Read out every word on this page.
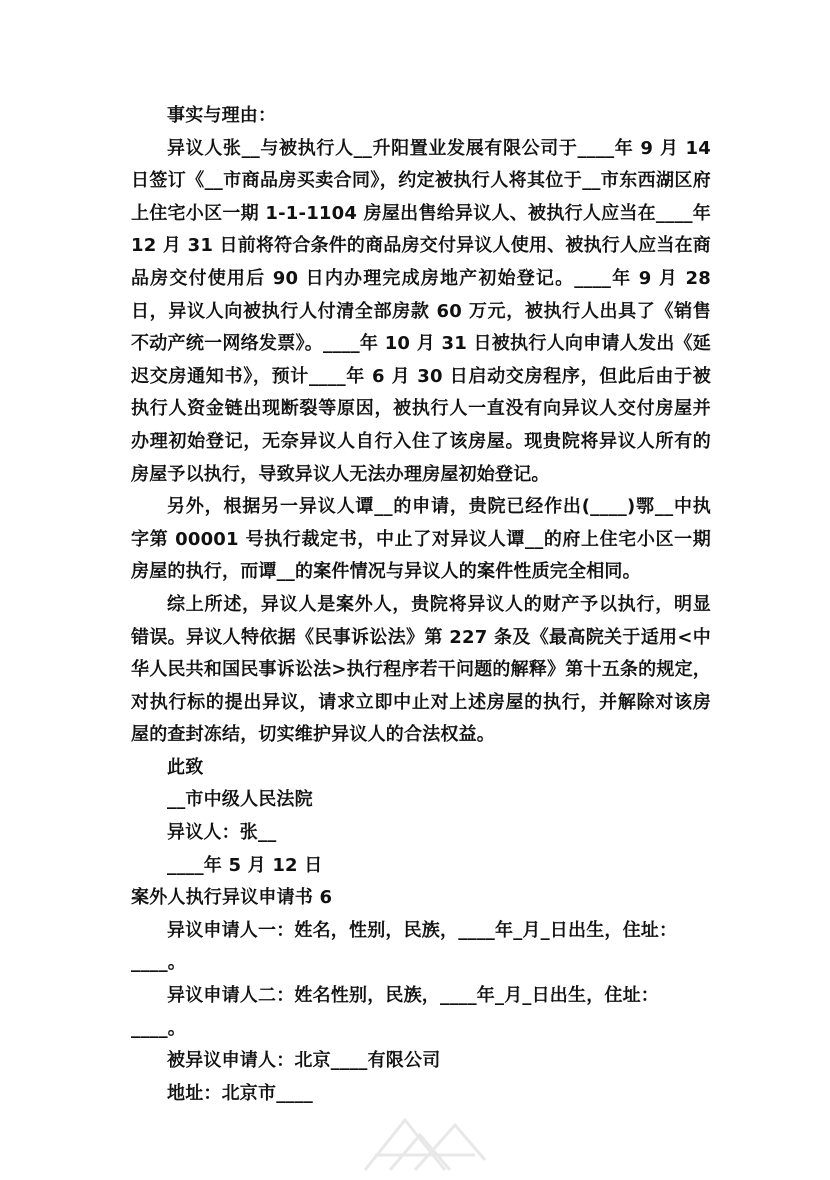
事实与理由：

异议人张__与被执行人__升阳置业发展有限公司于____年 9 月 14 日签订《__市商品房买卖合同》，约定被执行人将其位于__市东西湖区府上住宅小区一期 1-1-1104 房屋出售给异议人、被执行人应当在____年 12 月 31 日前将符合条件的商品房交付异议人使用、被执行人应当在商品房交付使用后 90 日内办理完成房地产初始登记。____年 9 月 28 日，异议人向被执行人付清全部房款 60 万元，被执行人出具了《销售不动产统一网络发票》。____年 10 月 31 日被执行人向申请人发出《延迟交房通知书》，预计____年 6 月 30 日启动交房程序，但此后由于被执行人资金链出现断裂等原因，被执行人一直没有向异议人交付房屋并办理初始登记，无奈异议人自行入住了该房屋。现贵院将异议人所有的房屋予以执行，导致异议人无法办理房屋初始登记。

另外，根据另一异议人谭__的申请，贵院已经作出(____)鄂__中执字第 00001 号执行裁定书，中止了对异议人谭__的府上住宅小区一期房屋的执行，而谭__的案件情况与异议人的案件性质完全相同。

综上所述，异议人是案外人，贵院将异议人的财产予以执行，明显错误。异议人特依据《民事诉讼法》第 227 条及《最高院关于适用<中华人民共和国民事诉讼法>执行程序若干问题的解释》第十五条的规定，对执行标的提出异议，请求立即中止对上述房屋的执行，并解除对该房屋的查封冻结，切实维护异议人的合法权益。

此致

__市中级人民法院

异议人：张__

____年 5 月 12 日

案外人执行异议申请书 6

异议申请人一：姓名，性别，民族，____年_月_日出生，住址：____。

异议申请人二：姓名性别，民族，____年_月_日出生，住址：____。

被异议申请人：北京____有限公司

地址：北京市____
